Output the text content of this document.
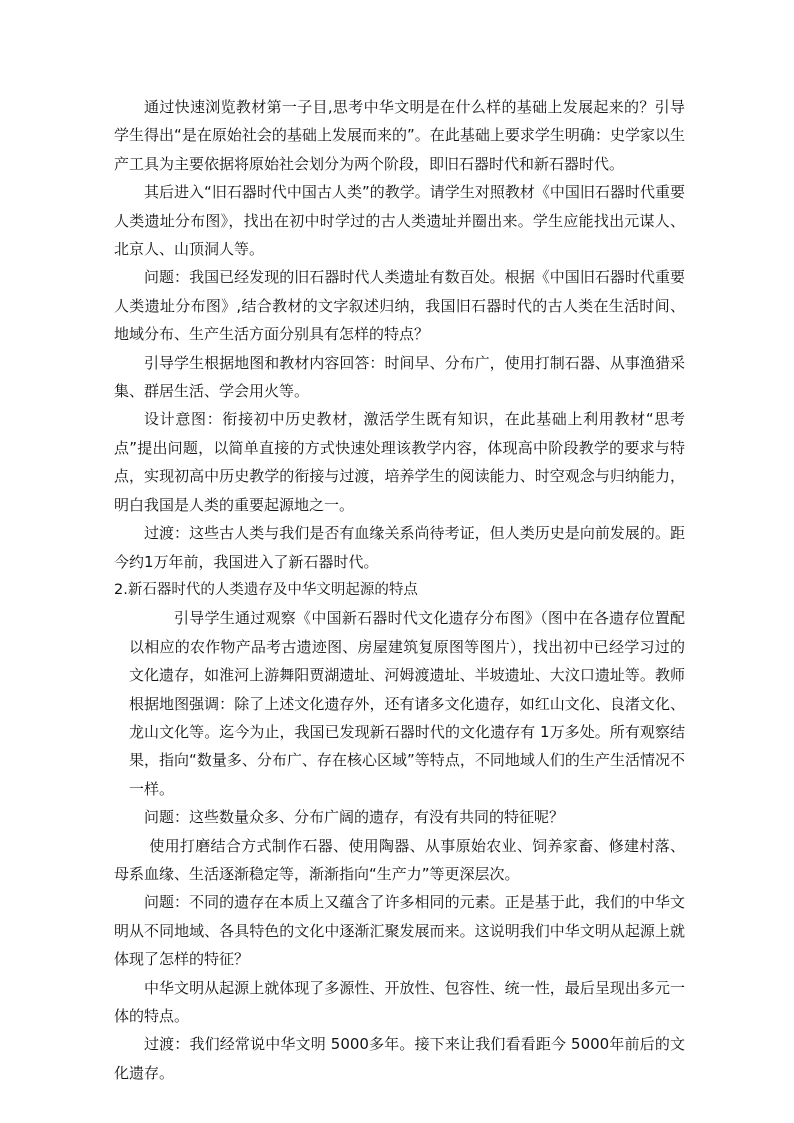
通过快速浏览教材第一子目,思考中华文明是在什么样的基础上发展起来的？引导学生得出“是在原始社会的基础上发展而来的”。在此基础上要求学生明确：史学家以生产工具为主要依据将原始社会划分为两个阶段，即旧石器时代和新石器时代。

其后进入“旧石器时代中国古人类”的教学。请学生对照教材《中国旧石器时代重要人类遗址分布图》，找出在初中时学过的古人类遗址并圈出来。学生应能找出元谋人、北京人、山顶洞人等。

问题：我国已经发现的旧石器时代人类遗址有数百处。根据《中国旧石器时代重要人类遗址分布图》,结合教材的文字叙述归纳，我国旧石器时代的古人类在生活时间、地域分布、生产生活方面分别具有怎样的特点？

引导学生根据地图和教材内容回答：时间早、分布广，使用打制石器、从事渔猎采集、群居生活、学会用火等。

设计意图：衔接初中历史教材，激活学生既有知识，在此基础上利用教材“思考点”提出问题，以简单直接的方式快速处理该教学内容，体现高中阶段教学的要求与特点，实现初高中历史教学的衔接与过渡，培养学生的阅读能力、时空观念与归纳能力，明白我国是人类的重要起源地之一。

过渡：这些古人类与我们是否有血缘关系尚待考证，但人类历史是向前发展的。距今约1万年前，我国进入了新石器时代。

2.新石器时代的人类遗存及中华文明起源的特点

引导学生通过观察《中国新石器时代文化遗存分布图》（图中在各遗存位置配以相应的农作物产品考古遗迹图、房屋建筑复原图等图片），找出初中已经学习过的文化遗存，如淮河上游舞阳贾湖遗址、河姆渡遗址、半坡遗址、大汶口遗址等。教师根据地图强调：除了上述文化遗存外，还有诸多文化遗存，如红山文化、良渚文化、龙山文化等。迄今为止，我国已发现新石器时代的文化遗存有 1万多处。所有观察结果，指向“数量多、分布广、存在核心区域”等特点，不同地域人们的生产生活情况不一样。

问题：这些数量众多、分布广阔的遗存，有没有共同的特征呢？

使用打磨结合方式制作石器、使用陶器、从事原始农业、饲养家畜、修建村落、母系血缘、生活逐渐稳定等，渐渐指向“生产力”等更深层次。

问题：不同的遗存在本质上又蕴含了许多相同的元素。正是基于此，我们的中华文明从不同地域、各具特色的文化中逐渐汇聚发展而来。这说明我们中华文明从起源上就体现了怎样的特征？

中华文明从起源上就体现了多源性、开放性、包容性、统一性，最后呈现出多元一体的特点。

过渡：我们经常说中华文明 5000多年。接下来让我们看看距今 5000年前后的文化遗存。
